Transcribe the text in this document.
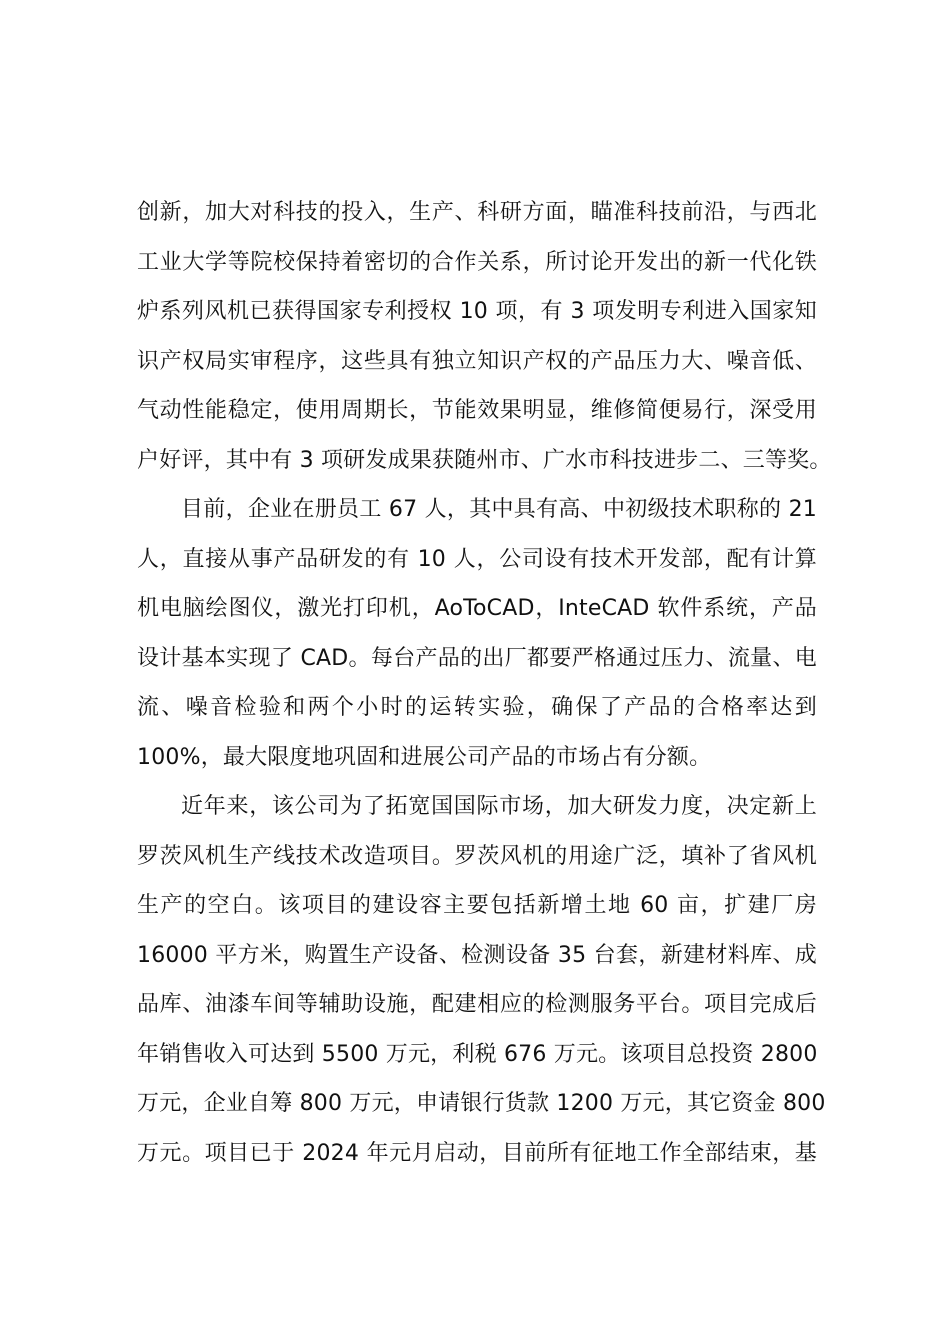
创新，加大对科技的投入，生产、科研方面，瞄准科技前沿，与西北
工业大学等院校保持着密切的合作关系，所讨论开发出的新一代化铁
炉系列风机已获得国家专利授权 10 项，有 3 项发明专利进入国家知
识产权局实审程序，这些具有独立知识产权的产品压力大、噪音低、
气动性能稳定，使用周期长，节能效果明显，维修简便易行，深受用
户好评，其中有 3 项研发成果获随州市、广水市科技进步二、三等奖。
目前，企业在册员工 67 人，其中具有高、中初级技术职称的 21
人，直接从事产品研发的有 10 人，公司设有技术开发部，配有计算
机电脑绘图仪，激光打印机，AoToCAD，InteCAD 软件系统，产品
设计基本实现了 CAD。每台产品的出厂都要严格通过压力、流量、电
流、噪音检验和两个小时的运转实验，确保了产品的合格率达到
100%，最大限度地巩固和进展公司产品的市场占有分额。
近年来，该公司为了拓宽国国际市场，加大研发力度，决定新上
罗茨风机生产线技术改造项目。罗茨风机的用途广泛，填补了省风机
生产的空白。该项目的建设容主要包括新增土地 60 亩，扩建厂房
16000 平方米，购置生产设备、检测设备 35 台套，新建材料库、成
品库、油漆车间等辅助设施，配建相应的检测服务平台。项目完成后
年销售收入可达到 5500 万元，利税 676 万元。该项目总投资 2800
万元，企业自筹 800 万元，申请银行货款 1200 万元，其它资金 800
万元。项目已于 2024 年元月启动，目前所有征地工作全部结束，基
